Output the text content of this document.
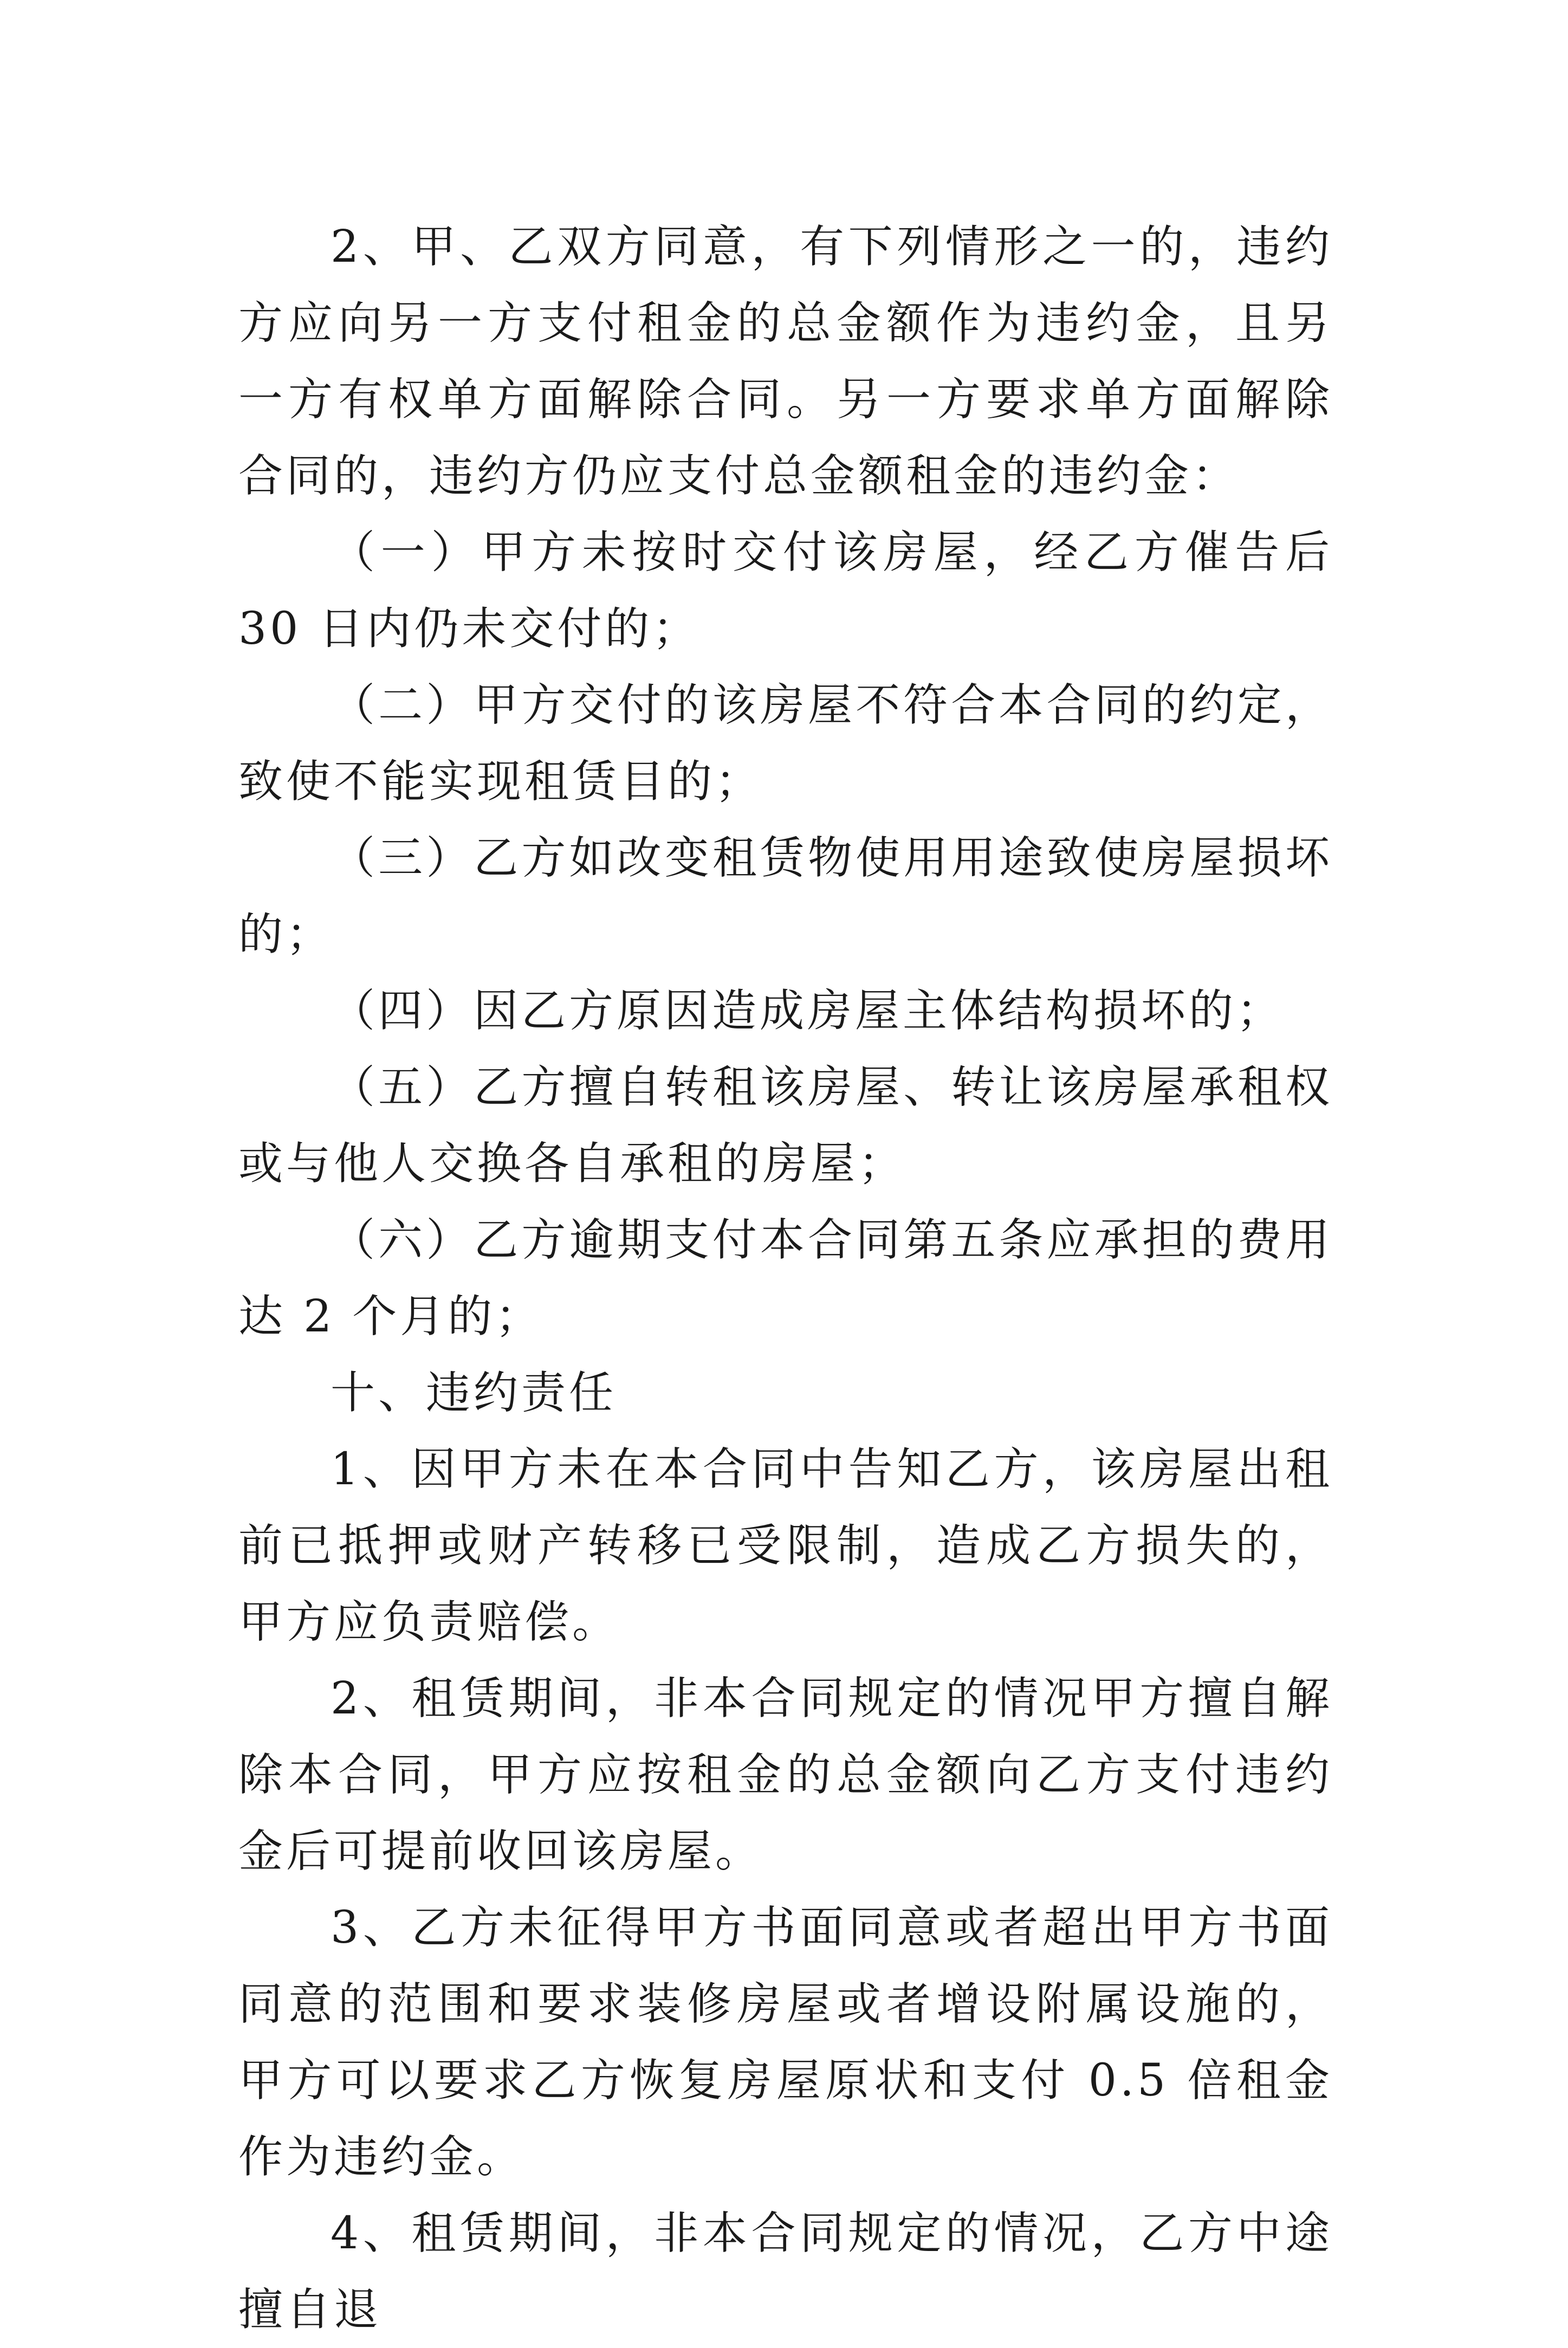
2、甲、乙双方同意，有下列情形之一的，违约方应向另一方支付租金的总金额作为违约金，且另一方有权单方面解除合同。另一方要求单方面解除合同的，违约方仍应支付总金额租金的违约金：

（一）甲方未按时交付该房屋，经乙方催告后 30 日内仍未交付的；

（二）甲方交付的该房屋不符合本合同的约定，致使不能实现租赁目的；

（三）乙方如改变租赁物使用用途致使房屋损坏的；

（四）因乙方原因造成房屋主体结构损坏的；

（五）乙方擅自转租该房屋、转让该房屋承租权或与他人交换各自承租的房屋；

（六）乙方逾期支付本合同第五条应承担的费用达 2 个月的；

十、违约责任

1、因甲方未在本合同中告知乙方，该房屋出租前已抵押或财产转移已受限制，造成乙方损失的，甲方应负责赔偿。

2、租赁期间，非本合同规定的情况甲方擅自解除本合同，甲方应按租金的总金额向乙方支付违约金后可提前收回该房屋。

3、乙方未征得甲方书面同意或者超出甲方书面同意的范围和要求装修房屋或者增设附属设施的，甲方可以要求乙方恢复房屋原状和支付 0.5 倍租金作为违约金。

4、租赁期间，非本合同规定的情况，乙方中途擅自退
